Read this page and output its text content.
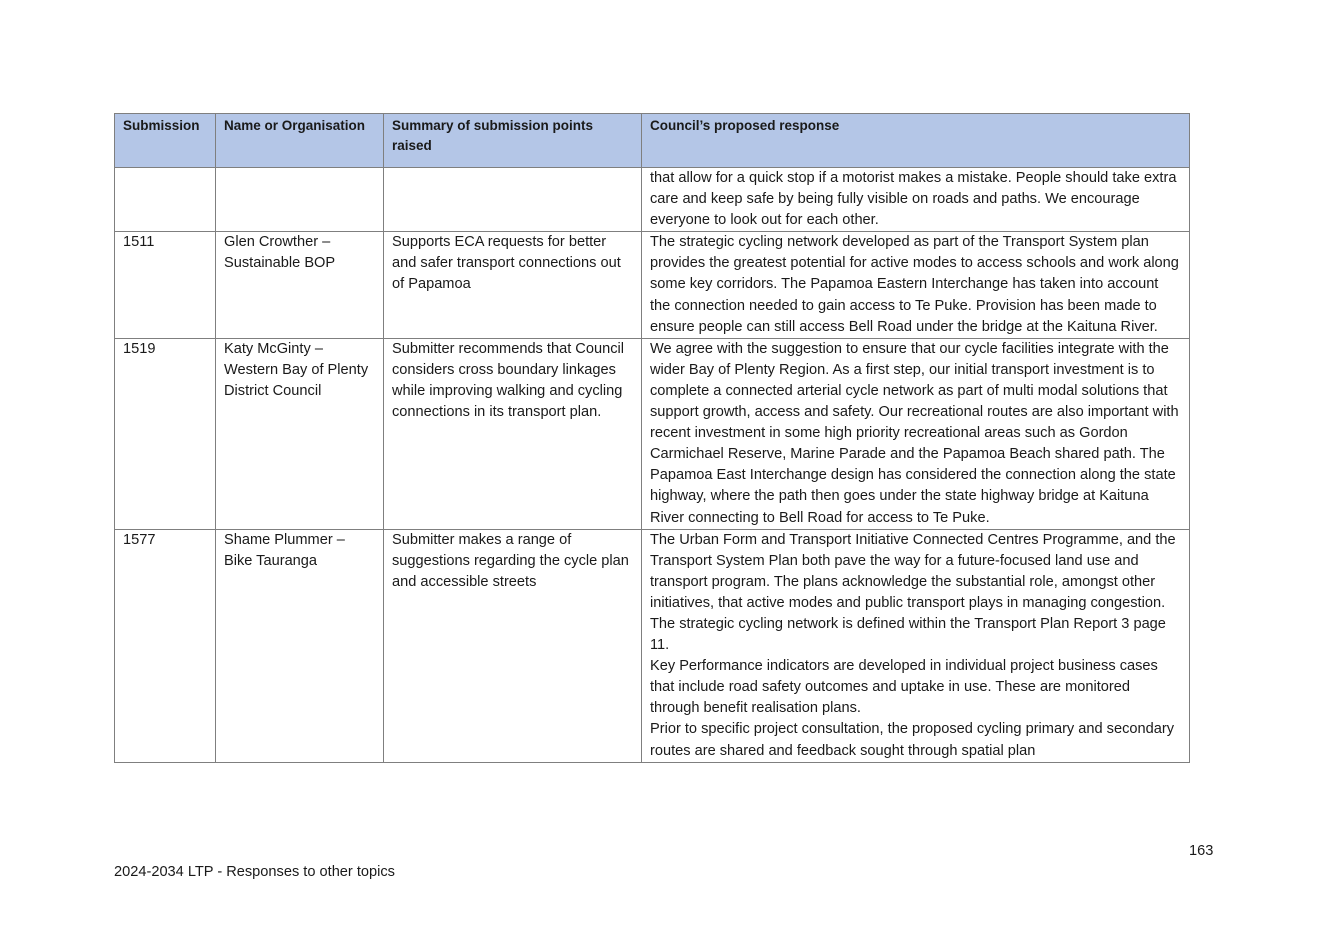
Submission	Name or Organisation	Summary of submission points raised	Council’s proposed response

			that allow for a quick stop if a motorist makes a mistake. People should take extra care and keep safe by being fully visible on roads and paths. We encourage everyone to look out for each other.

1511	Glen Crowther – Sustainable BOP	Supports ECA requests for better and safer transport connections out of Papamoa	The strategic cycling network developed as part of the Transport System plan provides the greatest potential for active modes to access schools and work along some key corridors. The Papamoa Eastern Interchange has taken into account the connection needed to gain access to Te Puke. Provision has been made to ensure people can still access Bell Road under the bridge at the Kaituna River.

1519	Katy McGinty – Western Bay of Plenty District Council	Submitter recommends that Council considers cross boundary linkages while improving walking and cycling connections in its transport plan.	We agree with the suggestion to ensure that our cycle facilities integrate with the wider Bay of Plenty Region. As a first step, our initial transport investment is to complete a connected arterial cycle network as part of multi modal solutions that support growth, access and safety. Our recreational routes are also important with recent investment in some high priority recreational areas such as Gordon Carmichael Reserve, Marine Parade and the Papamoa Beach shared path. The Papamoa East Interchange design has considered the connection along the state highway, where the path then goes under the state highway bridge at Kaituna River connecting to Bell Road for access to Te Puke.

1577	Shame Plummer – Bike Tauranga	Submitter makes a range of suggestions regarding the cycle plan and accessible streets	The Urban Form and Transport Initiative Connected Centres Programme, and the Transport System Plan both pave the way for a future-focused land use and transport program. The plans acknowledge the substantial role, amongst other initiatives, that active modes and public transport plays in managing congestion. The strategic cycling network is defined within the Transport Plan Report 3 page 11.
Key Performance indicators are developed in individual project business cases that include road safety outcomes and uptake in use. These are monitored through benefit realisation plans.
Prior to specific project consultation, the proposed cycling primary and secondary routes are shared and feedback sought through spatial plan
163
2024-2034 LTP - Responses to other topics
